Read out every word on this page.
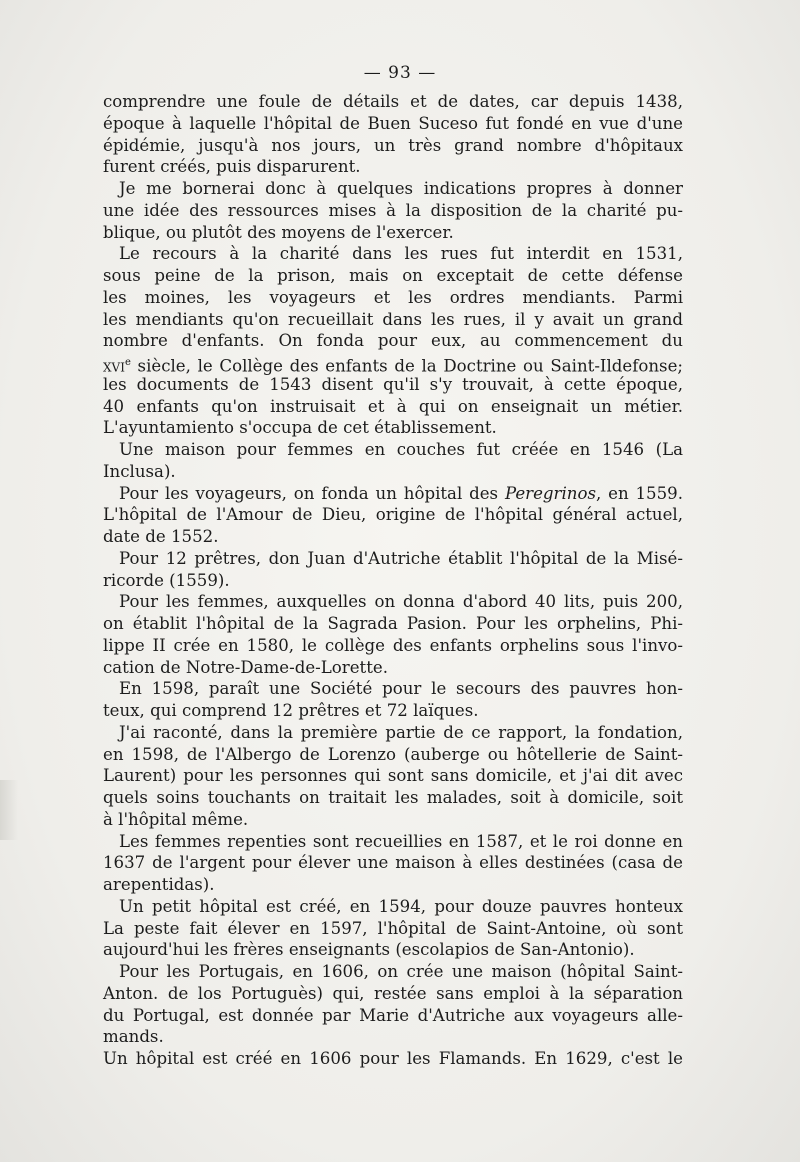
— 93 —
comprendre une foule de détails et de dates, car depuis 1438,
époque à laquelle l'hôpital de Buen Suceso fut fondé en vue d'une
épidémie, jusqu'à nos jours, un très grand nombre d'hôpitaux
furent créés, puis disparurent.
Je me bornerai donc à quelques indications propres à donner
une idée des ressources mises à la disposition de la charité pu-
blique, ou plutôt des moyens de l'exercer.
Le recours à la charité dans les rues fut interdit en 1531,
sous peine de la prison, mais on exceptait de cette défense
les moines, les voyageurs et les ordres mendiants. Parmi
les mendiants qu'on recueillait dans les rues, il y avait un grand
nombre d'enfants. On fonda pour eux, au commencement du
xvi$^e$ siècle, le Collège des enfants de la Doctrine ou Saint-Ildefonse;
les documents de 1543 disent qu'il s'y trouvait, à cette époque,
40 enfants qu'on instruisait et à qui on enseignait un métier.
L'ayuntamiento s'occupa de cet établissement.
Une maison pour femmes en couches fut créée en 1546 (La
Inclusa).
Pour les voyageurs, on fonda un hôpital des Peregrinos, en 1559.
L'hôpital de l'Amour de Dieu, origine de l'hôpital général actuel,
date de 1552.
Pour 12 prêtres, don Juan d'Autriche établit l'hôpital de la Misé-
ricorde (1559).
Pour les femmes, auxquelles on donna d'abord 40 lits, puis 200,
on établit l'hôpital de la Sagrada Pasion. Pour les orphelins, Phi-
lippe II crée en 1580, le collège des enfants orphelins sous l'invo-
cation de Notre-Dame-de-Lorette.
En 1598, paraît une Société pour le secours des pauvres hon-
teux, qui comprend 12 prêtres et 72 laïques.
J'ai raconté, dans la première partie de ce rapport, la fondation,
en 1598, de l'Albergo de Lorenzo (auberge ou hôtellerie de Saint-
Laurent) pour les personnes qui sont sans domicile, et j'ai dit avec
quels soins touchants on traitait les malades, soit à domicile, soit
à l'hôpital même.
Les femmes repenties sont recueillies en 1587, et le roi donne en
1637 de l'argent pour élever une maison à elles destinées (casa de
arepentidas).
Un petit hôpital est créé, en 1594, pour douze pauvres honteux
La peste fait élever en 1597, l'hôpital de Saint-Antoine, où sont
aujourd'hui les frères enseignants (escolapios de San-Antonio).
Pour les Portugais, en 1606, on crée une maison (hôpital Saint-
Anton. de los Portuguès) qui, restée sans emploi à la séparation
du Portugal, est donnée par Marie d'Autriche aux voyageurs alle-
mands.
Un hôpital est créé en 1606 pour les Flamands. En 1629, c'est le
